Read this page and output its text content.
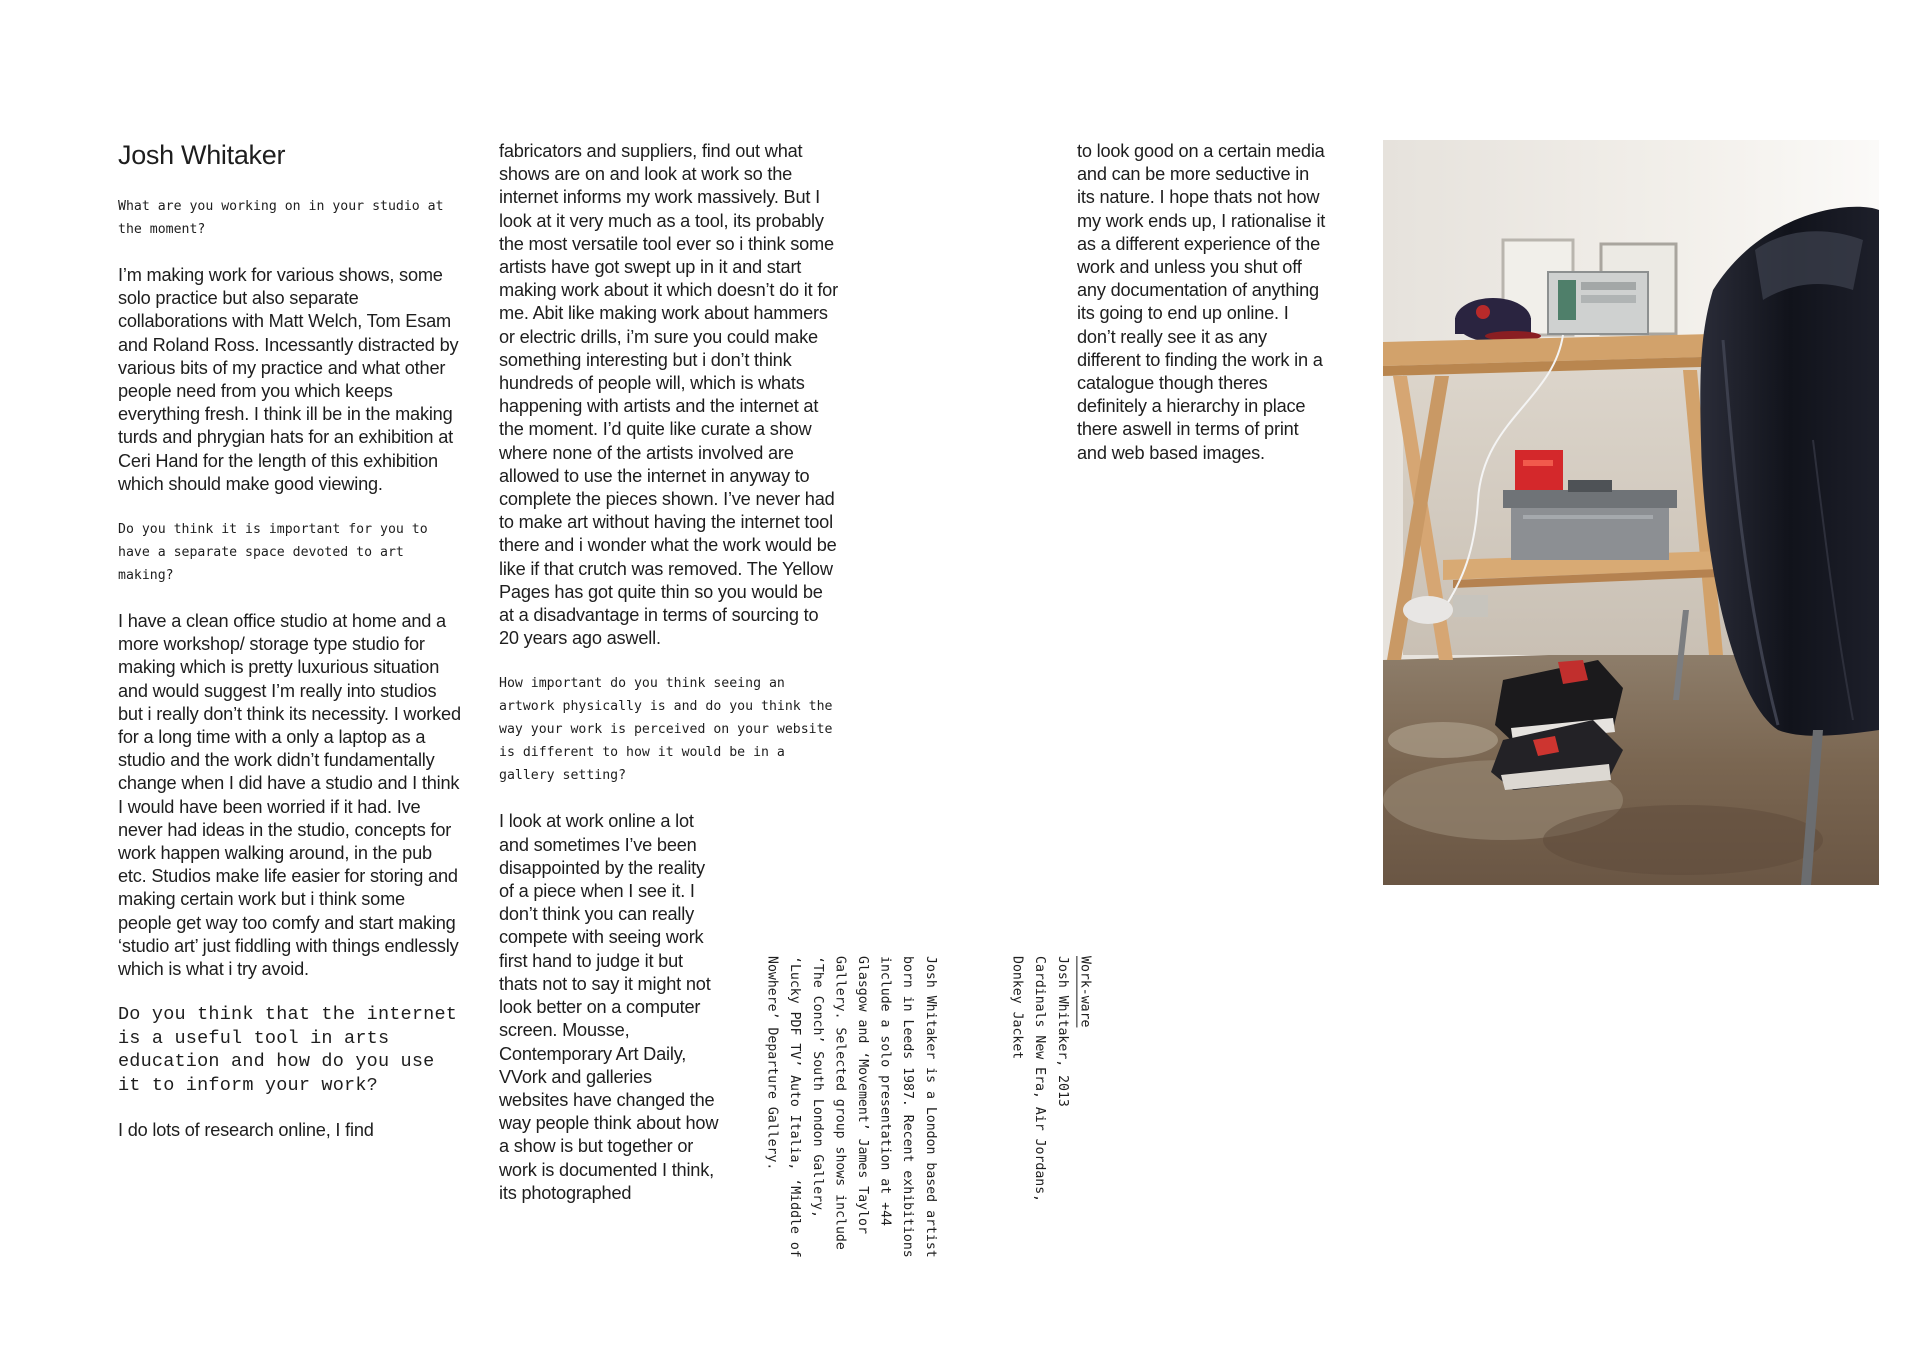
Josh Whitaker

What are you working on in your studio at the moment?

I’m making work for various shows, some solo practice but also separate collaborations with Matt Welch, Tom Esam and Roland Ross. Incessantly distracted by various bits of my practice and what other people need from you which keeps everything fresh. I think ill be in the making turds and phrygian hats for an exhibition at Ceri Hand for the length of this exhibition which should make good viewing.

Do you think it is important for you to have a separate space devoted to art making?

I have a clean office studio at home and a more workshop/ storage type studio for making which is pretty luxurious situation and would suggest I’m really into studios but i really don’t think its necessity. I worked for a long time with a only a laptop as a studio and the work didn’t fundamentally change when I did have a studio and I think I would have been worried if it had. Ive never had ideas in the studio, concepts for work happen walking around, in the pub etc. Studios make life easier for storing and making certain work but i think some people get way too comfy and start making ‘studio art’ just fiddling with things endlessly which is what i try avoid.

Do you think that the internet is a useful tool in arts education and how do you use it to inform your work?

I do lots of research online, I find

fabricators and suppliers, find out what shows are on and look at work so the internet informs my work massively. But I look at it very much as a tool, its probably the most versatile tool ever so i think some artists have got swept up in it and start making work about it which doesn’t do it for me. Abit like making work about hammers or electric drills, i’m sure you could make something interesting but i don’t think hundreds of people will, which is whats happening with artists and the internet at the moment. I’d quite like curate a show where none of the artists involved are allowed to use the internet in anyway to complete the pieces shown. I’ve never had to make art without having the internet tool there and i wonder what the work would be like if that crutch was removed. The Yellow Pages has got quite thin so you would be at a disadvantage in terms of sourcing to 20 years ago aswell.

How important do you think seeing an artwork physically is and do you think the way your work is perceived on your website is different to how it would be in a gallery setting?

I look at work online a lot and sometimes I’ve been disappointed by the reality of a piece when I see it. I don’t think you can really compete with seeing work first hand to judge it but thats not to say it might not look better on a computer screen. Mousse, Contemporary Art Daily, VVork and galleries websites have changed the way people think about how a show is but together or work is documented I think, its photographed

to look good on a certain media and can be more seductive in its nature. I hope thats not how my work ends up, I rationalise it as a different experience of the work and unless you shut off any documentation of anything its going to end up online. I don’t really see it as any different to finding the work in a catalogue though theres definitely a hierarchy in place there aswell in terms of print and web based images.

Josh Whitaker is a London based artist
born in Leeds 1987. Recent exhibitions
include a solo presentation at +44
Glasgow and ‘Movement’ James Taylor
Gallery. Selected group shows include
‘The Conch’ South London Gallery,
‘Lucky PDF TV’ Auto Italia, ‘Middle of
Nowhere’ Departure Gallery.	Work-ware
Josh Whitaker, 2013
Cardinals New Era, Air Jordans,
Donkey Jacket
